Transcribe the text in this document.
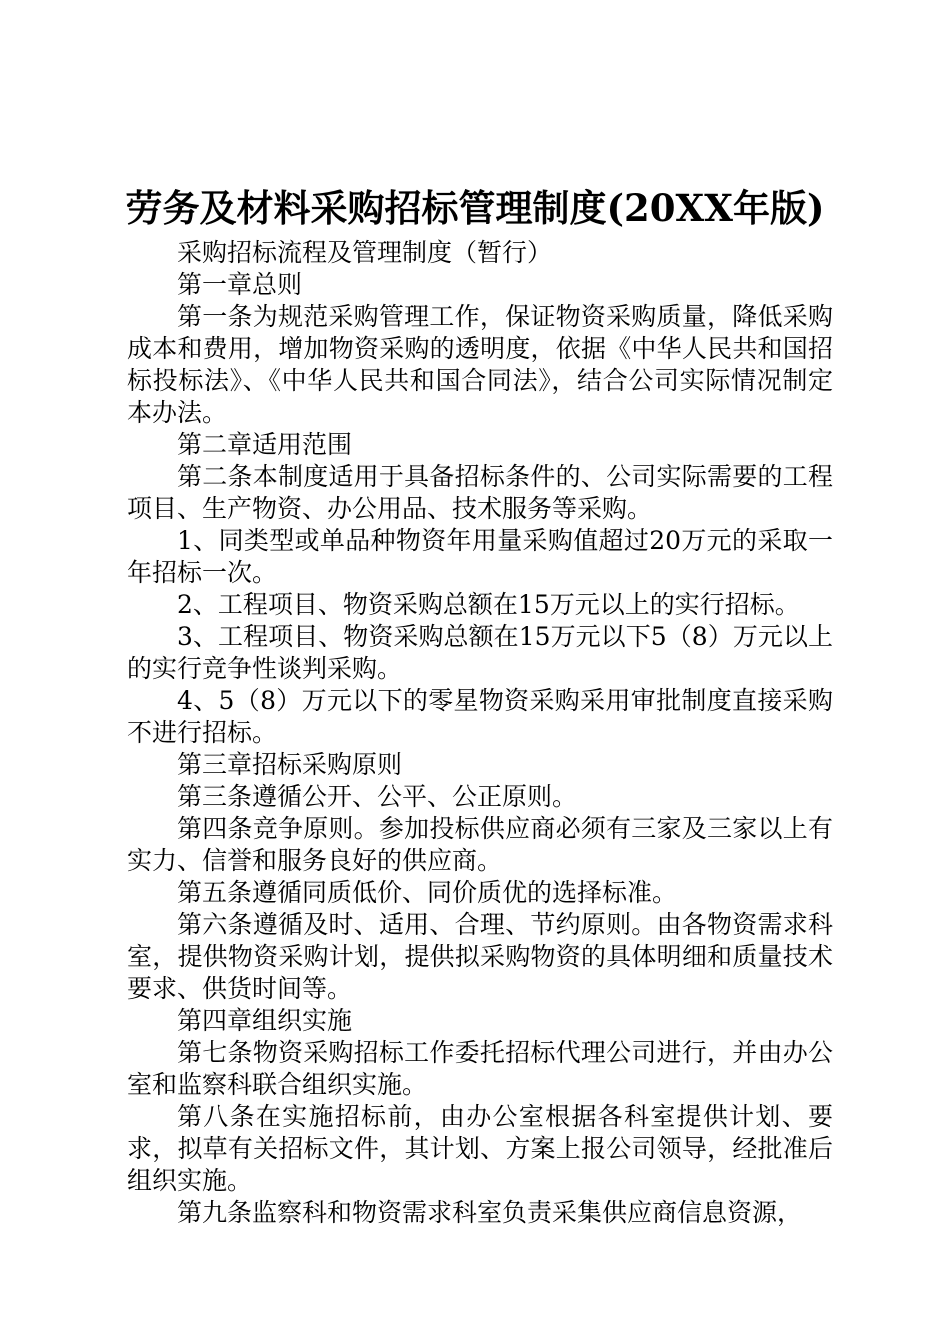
劳务及材料采购招标管理制度(20XX年版)

采购招标流程及管理制度（暂行）

第一章总则

第一条为规范采购管理工作，保证物资采购质量，降低采购成本和费用，增加物资采购的透明度，依据《中华人民共和国招标投标法》、《中华人民共和国合同法》，结合公司实际情况制定本办法。

第二章适用范围

第二条本制度适用于具备招标条件的、公司实际需要的工程项目、生产物资、办公用品、技术服务等采购。

1、同类型或单品种物资年用量采购值超过20万元的采取一年招标一次。

2、工程项目、物资采购总额在15万元以上的实行招标。

3、工程项目、物资采购总额在15万元以下5（8）万元以上的实行竞争性谈判采购。

4、5（8）万元以下的零星物资采购采用审批制度直接采购不进行招标。

第三章招标采购原则

第三条遵循公开、公平、公正原则。

第四条竞争原则。参加投标供应商必须有三家及三家以上有实力、信誉和服务良好的供应商。

第五条遵循同质低价、同价质优的选择标准。

第六条遵循及时、适用、合理、节约原则。由各物资需求科室，提供物资采购计划，提供拟采购物资的具体明细和质量技术要求、供货时间等。

第四章组织实施

第七条物资采购招标工作委托招标代理公司进行，并由办公室和监察科联合组织实施。

第八条在实施招标前，由办公室根据各科室提供计划、要求，拟草有关招标文件，其计划、方案上报公司领导，经批准后组织实施。

第九条监察科和物资需求科室负责采集供应商信息资源，
